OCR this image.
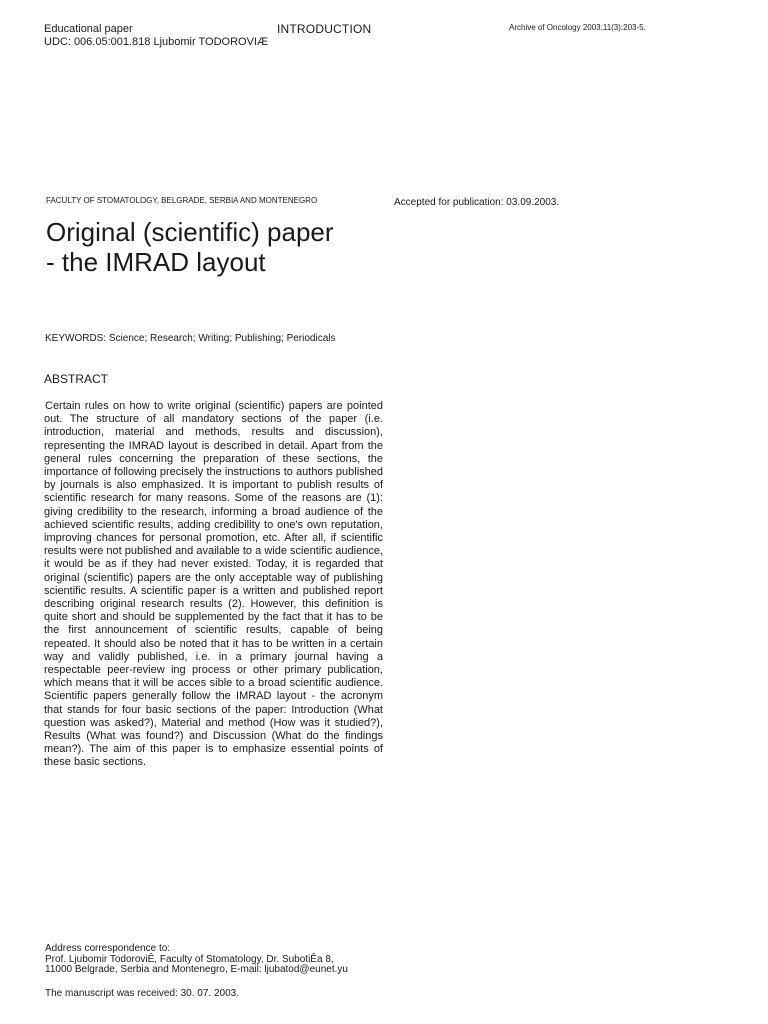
Educational paper
UDC: 006.05:001.818 Ljubomir TODOROVIÆ
INTRODUCTION	Archive of Oncology 2003;11(3):203-5.
FACULTY OF STOMATOLOGY, BELGRADE, SERBIA AND MONTENEGRO	Accepted for publication: 03.09.2003.
Original (scientific) paper - the IMRAD layout
KEYWORDS: Science; Research; Writing; Publishing; Periodicals
ABSTRACT

Certain rules on how to write original (scientific) papers are pointed out. The structure of all mandatory sections of the paper (i.e. introduction, material and methods, results and discussion), representing the IMRAD layout is described in detail. Apart from the general rules concerning the preparation of these sections, the importance of following precisely the instructions to authors published by journals is also emphasized. It is important to publish results of scientific research for many reasons. Some of the reasons are (1): giving credibility to the research, informing a broad audience of the achieved scientific results, adding credibility to one's own reputation, improving chances for personal promotion, etc. After all, if scientific results were not published and available to a wide scientific audience, it would be as if they had never existed. Today, it is regarded that original (scientific) papers are the only acceptable way of publishing scientific results. A scientific paper is a written and published report describing original research results (2). However, this definition is quite short and should be supplemented by the fact that it has to be the first announcement of scientific results, capable of being repeated. It should also be noted that it has to be written in a certain way and validly published, i.e. in a primary journal having a respectable peer-review ing process or other primary publication, which means that it will be acces sible to a broad scientific audience. Scientific papers generally follow the IMRAD layout - the acronym that stands for four basic sections of the paper: Introduction (What question was asked?), Material and method (How was it studied?), Results (What was found?) and Discussion (What do the findings mean?). The aim of this paper is to emphasize essential points of these basic sections.

Address correspondence to:
Prof. Ljubomir TodoroviÊ, Faculty of Stomatology, Dr. SubotiÊa 8,
11000 Belgrade, Serbia and Montenegro, E-mail: ljubatod@eunet.yu
The manuscript was received: 30. 07. 2003.
